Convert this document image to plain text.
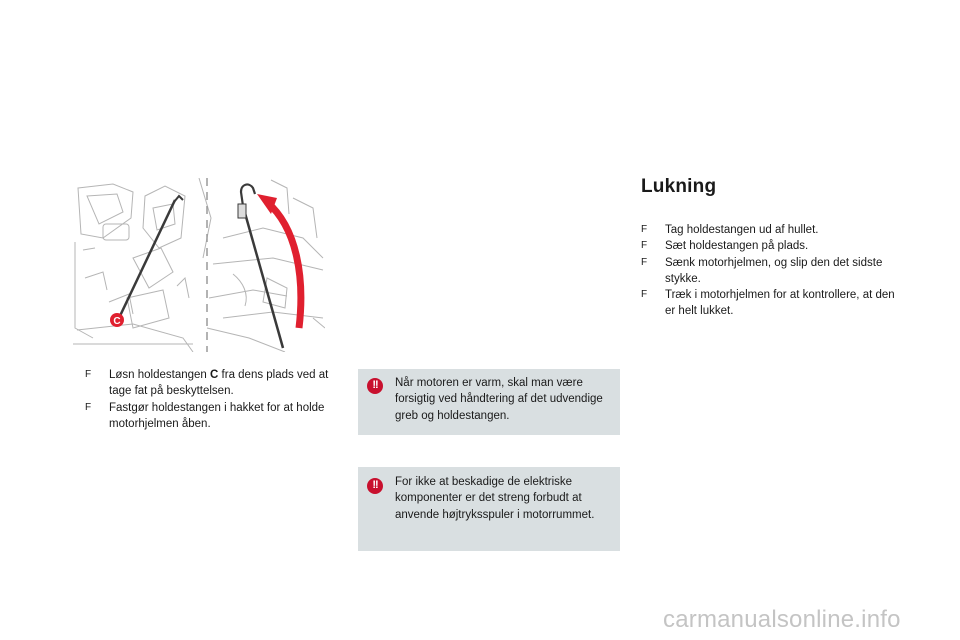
C
F Løsn holdestangen C fra dens plads ved at tage fat på beskyttelsen.
F Fastgør holdestangen i hakket for at holde motorhjelmen åben.
!!

Når motoren er varm, skal man være forsigtig ved håndtering af det udvendige greb og holdestangen.

!!

For ikke at beskadige de elektriske komponenter er det streng forbudt at anvende højtryksspuler i motorrummet.

Lukning
F Tag holdestangen ud af hullet.
F Sæt holdestangen på plads.
F Sænk motorhjelmen, og slip den det sidste stykke.
F Træk i motorhjelmen for at kontrollere, at den er helt lukket.
carmanualsonline.info
